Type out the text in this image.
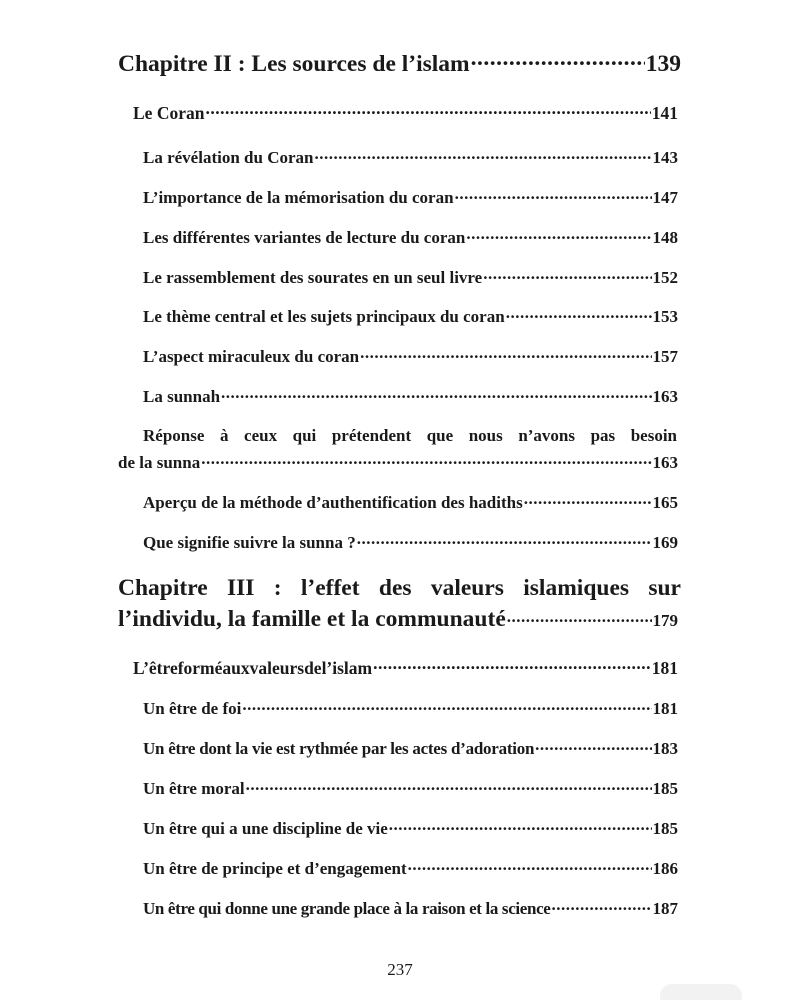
Chapitre II : Les sources de l’islam .....	139
Le Coran .....	141
La révélation du Coran .....	143
L’importance de la mémorisation du coran .....	147
Les différentes variantes de lecture du coran .....	148
Le rassemblement des sourates en un seul livre .....	152
Le thème central et les sujets principaux du coran .....	153
L’aspect miraculeux du coran .....	157
La sunnah .....	163
Réponse à ceux qui prétendent que nous n’avons pas besoin
de la sunna .....	163
Aperçu de la méthode d’authentification des hadiths .....	165
Que signifie suivre la sunna ? .....	169
Chapitre III : l’effet des valeurs islamiques sur
l’individu, la famille et la communauté .....	179
L’êtreforméauxvaleursdel’islam .....	181
Un être de foi .....	181
Un être dont la vie est rythmée par les actes d’adoration .....	183
Un être moral .....	185
Un être qui a une discipline de vie .....	185
Un être de principe et d’engagement .....	186
Un être qui donne une grande place à la raison et la science .....	187
237
